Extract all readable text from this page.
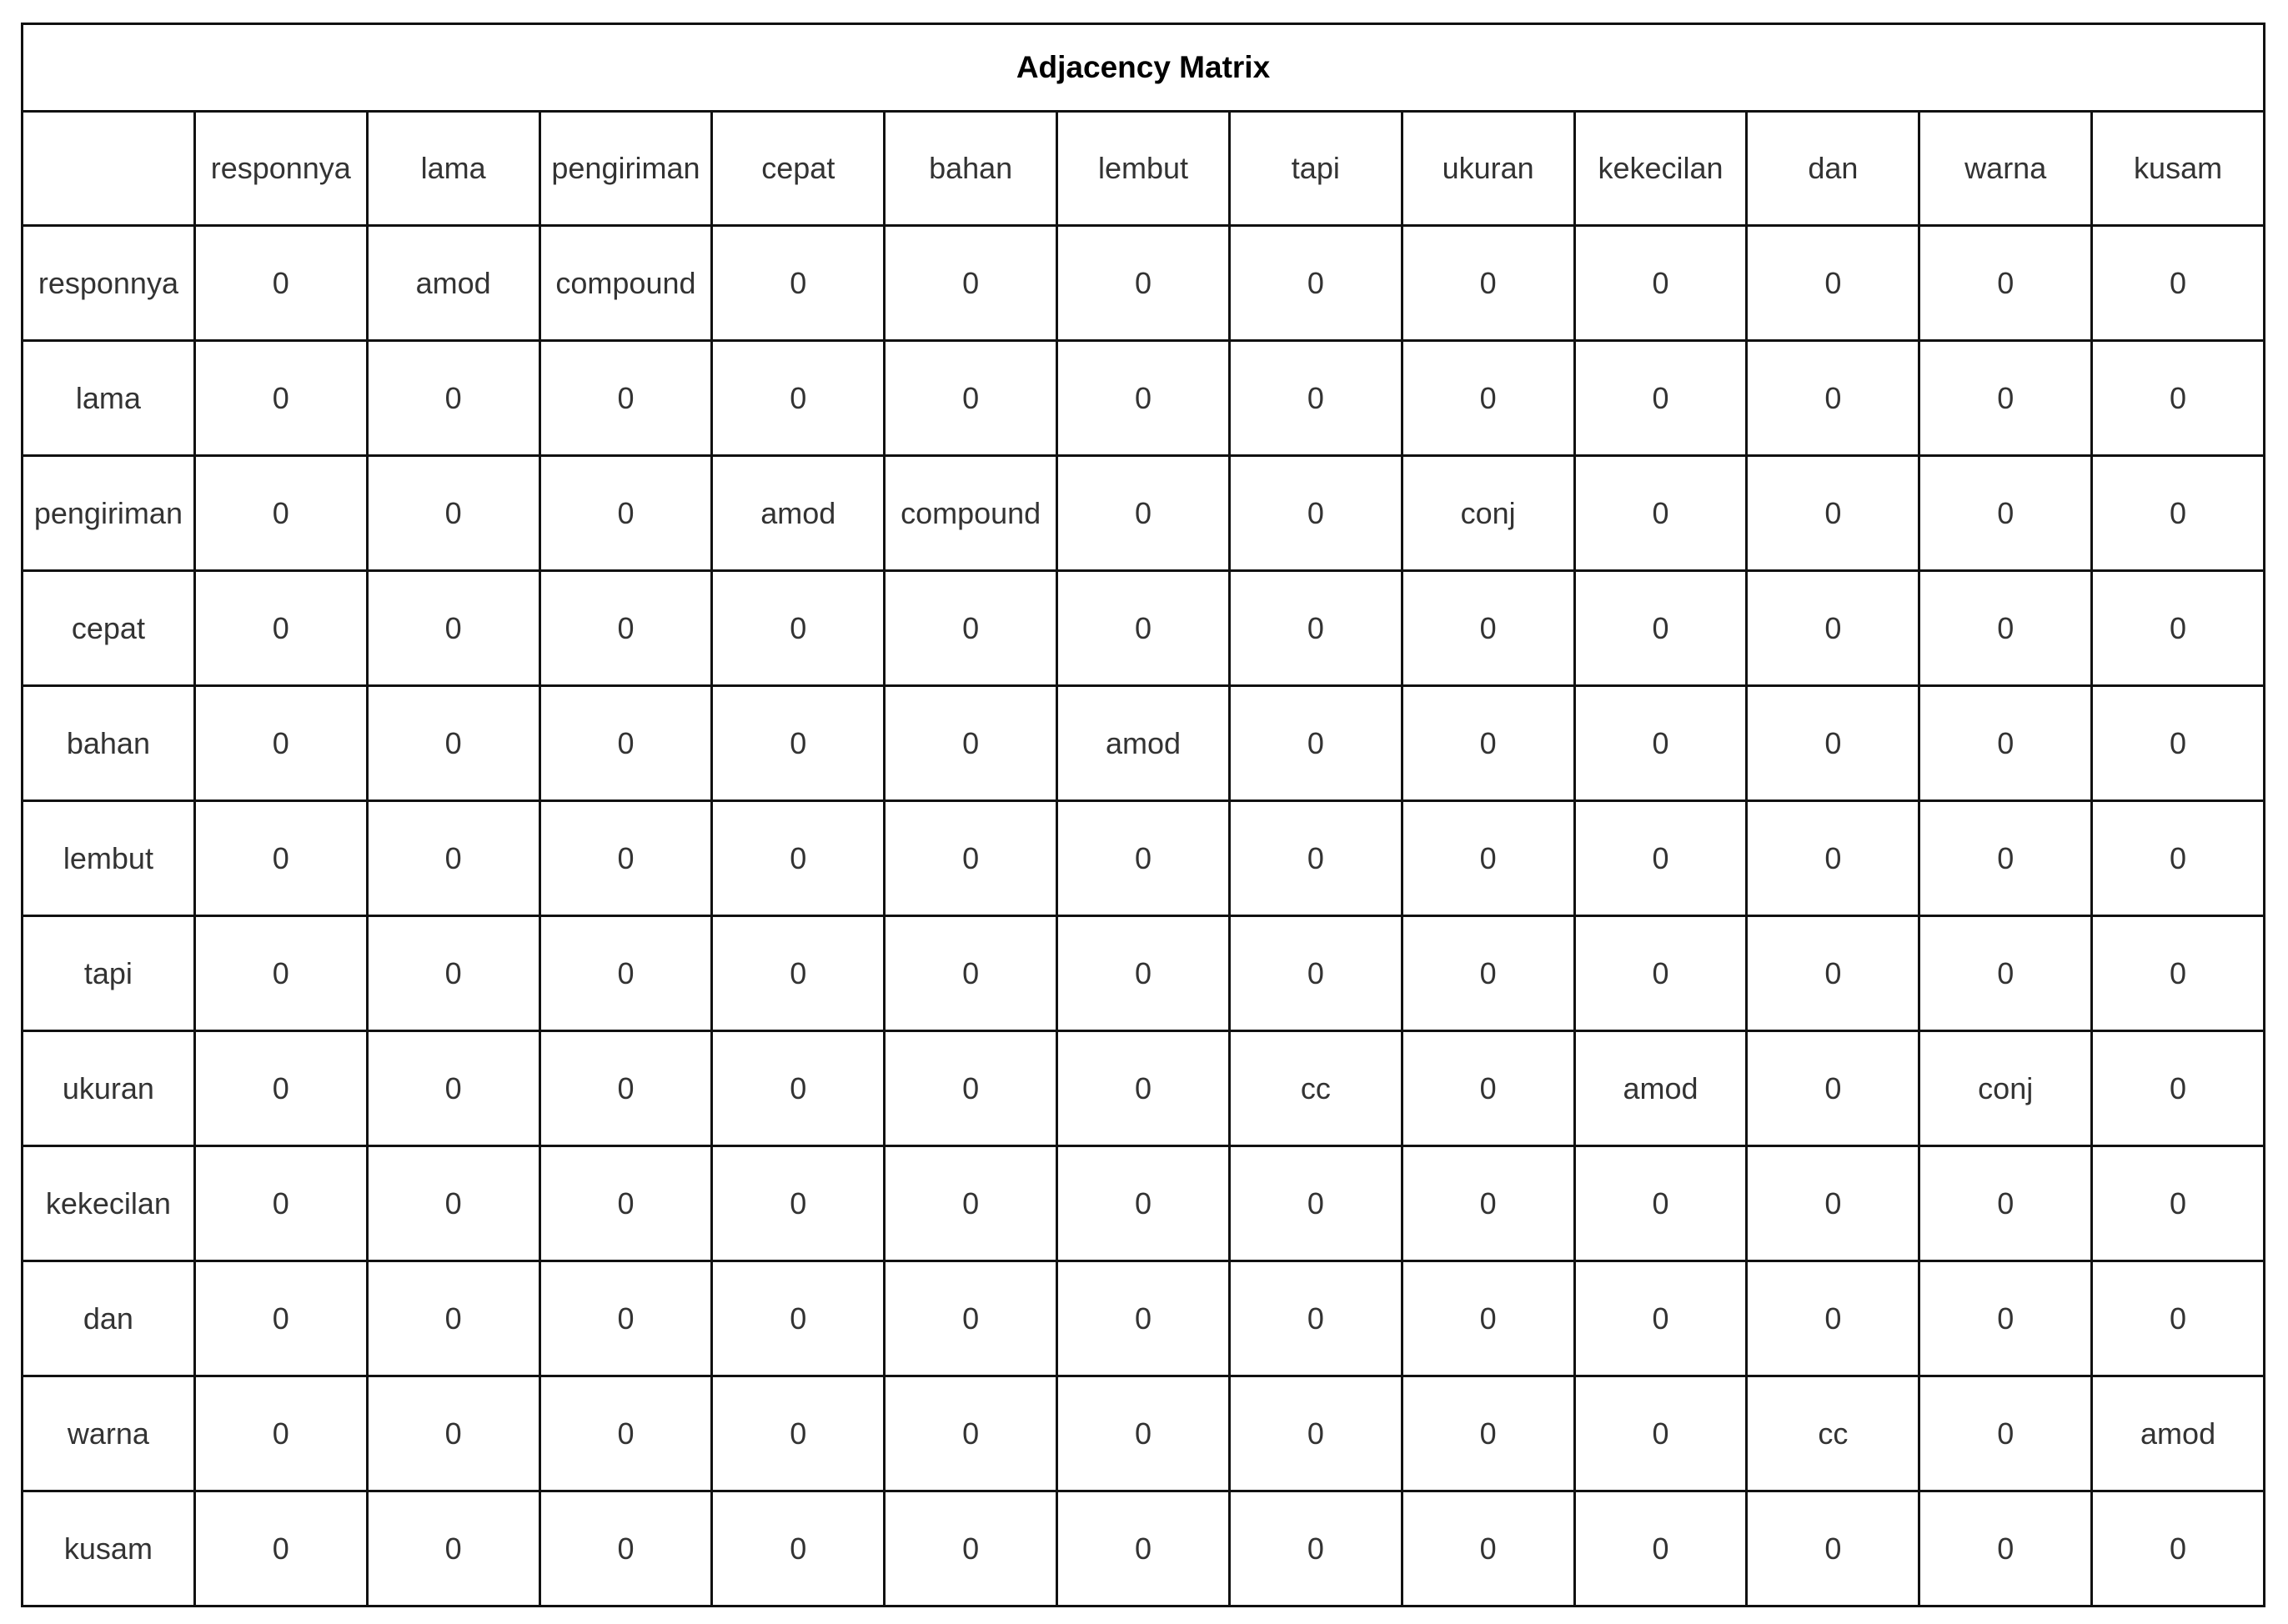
Adjacency Matrix												
	responnya	lama	pengiriman	cepat	bahan	lembut	tapi	ukuran	kekecilan	dan	warna	kusam
responnya	0	amod	compound	0	0	0	0	0	0	0	0	0
lama	0	0	0	0	0	0	0	0	0	0	0	0
pengiriman	0	0	0	amod	compound	0	0	conj	0	0	0	0
cepat	0	0	0	0	0	0	0	0	0	0	0	0
bahan	0	0	0	0	0	amod	0	0	0	0	0	0
lembut	0	0	0	0	0	0	0	0	0	0	0	0
tapi	0	0	0	0	0	0	0	0	0	0	0	0
ukuran	0	0	0	0	0	0	cc	0	amod	0	conj	0
kekecilan	0	0	0	0	0	0	0	0	0	0	0	0
dan	0	0	0	0	0	0	0	0	0	0	0	0
warna	0	0	0	0	0	0	0	0	0	cc	0	amod
kusam	0	0	0	0	0	0	0	0	0	0	0	0
